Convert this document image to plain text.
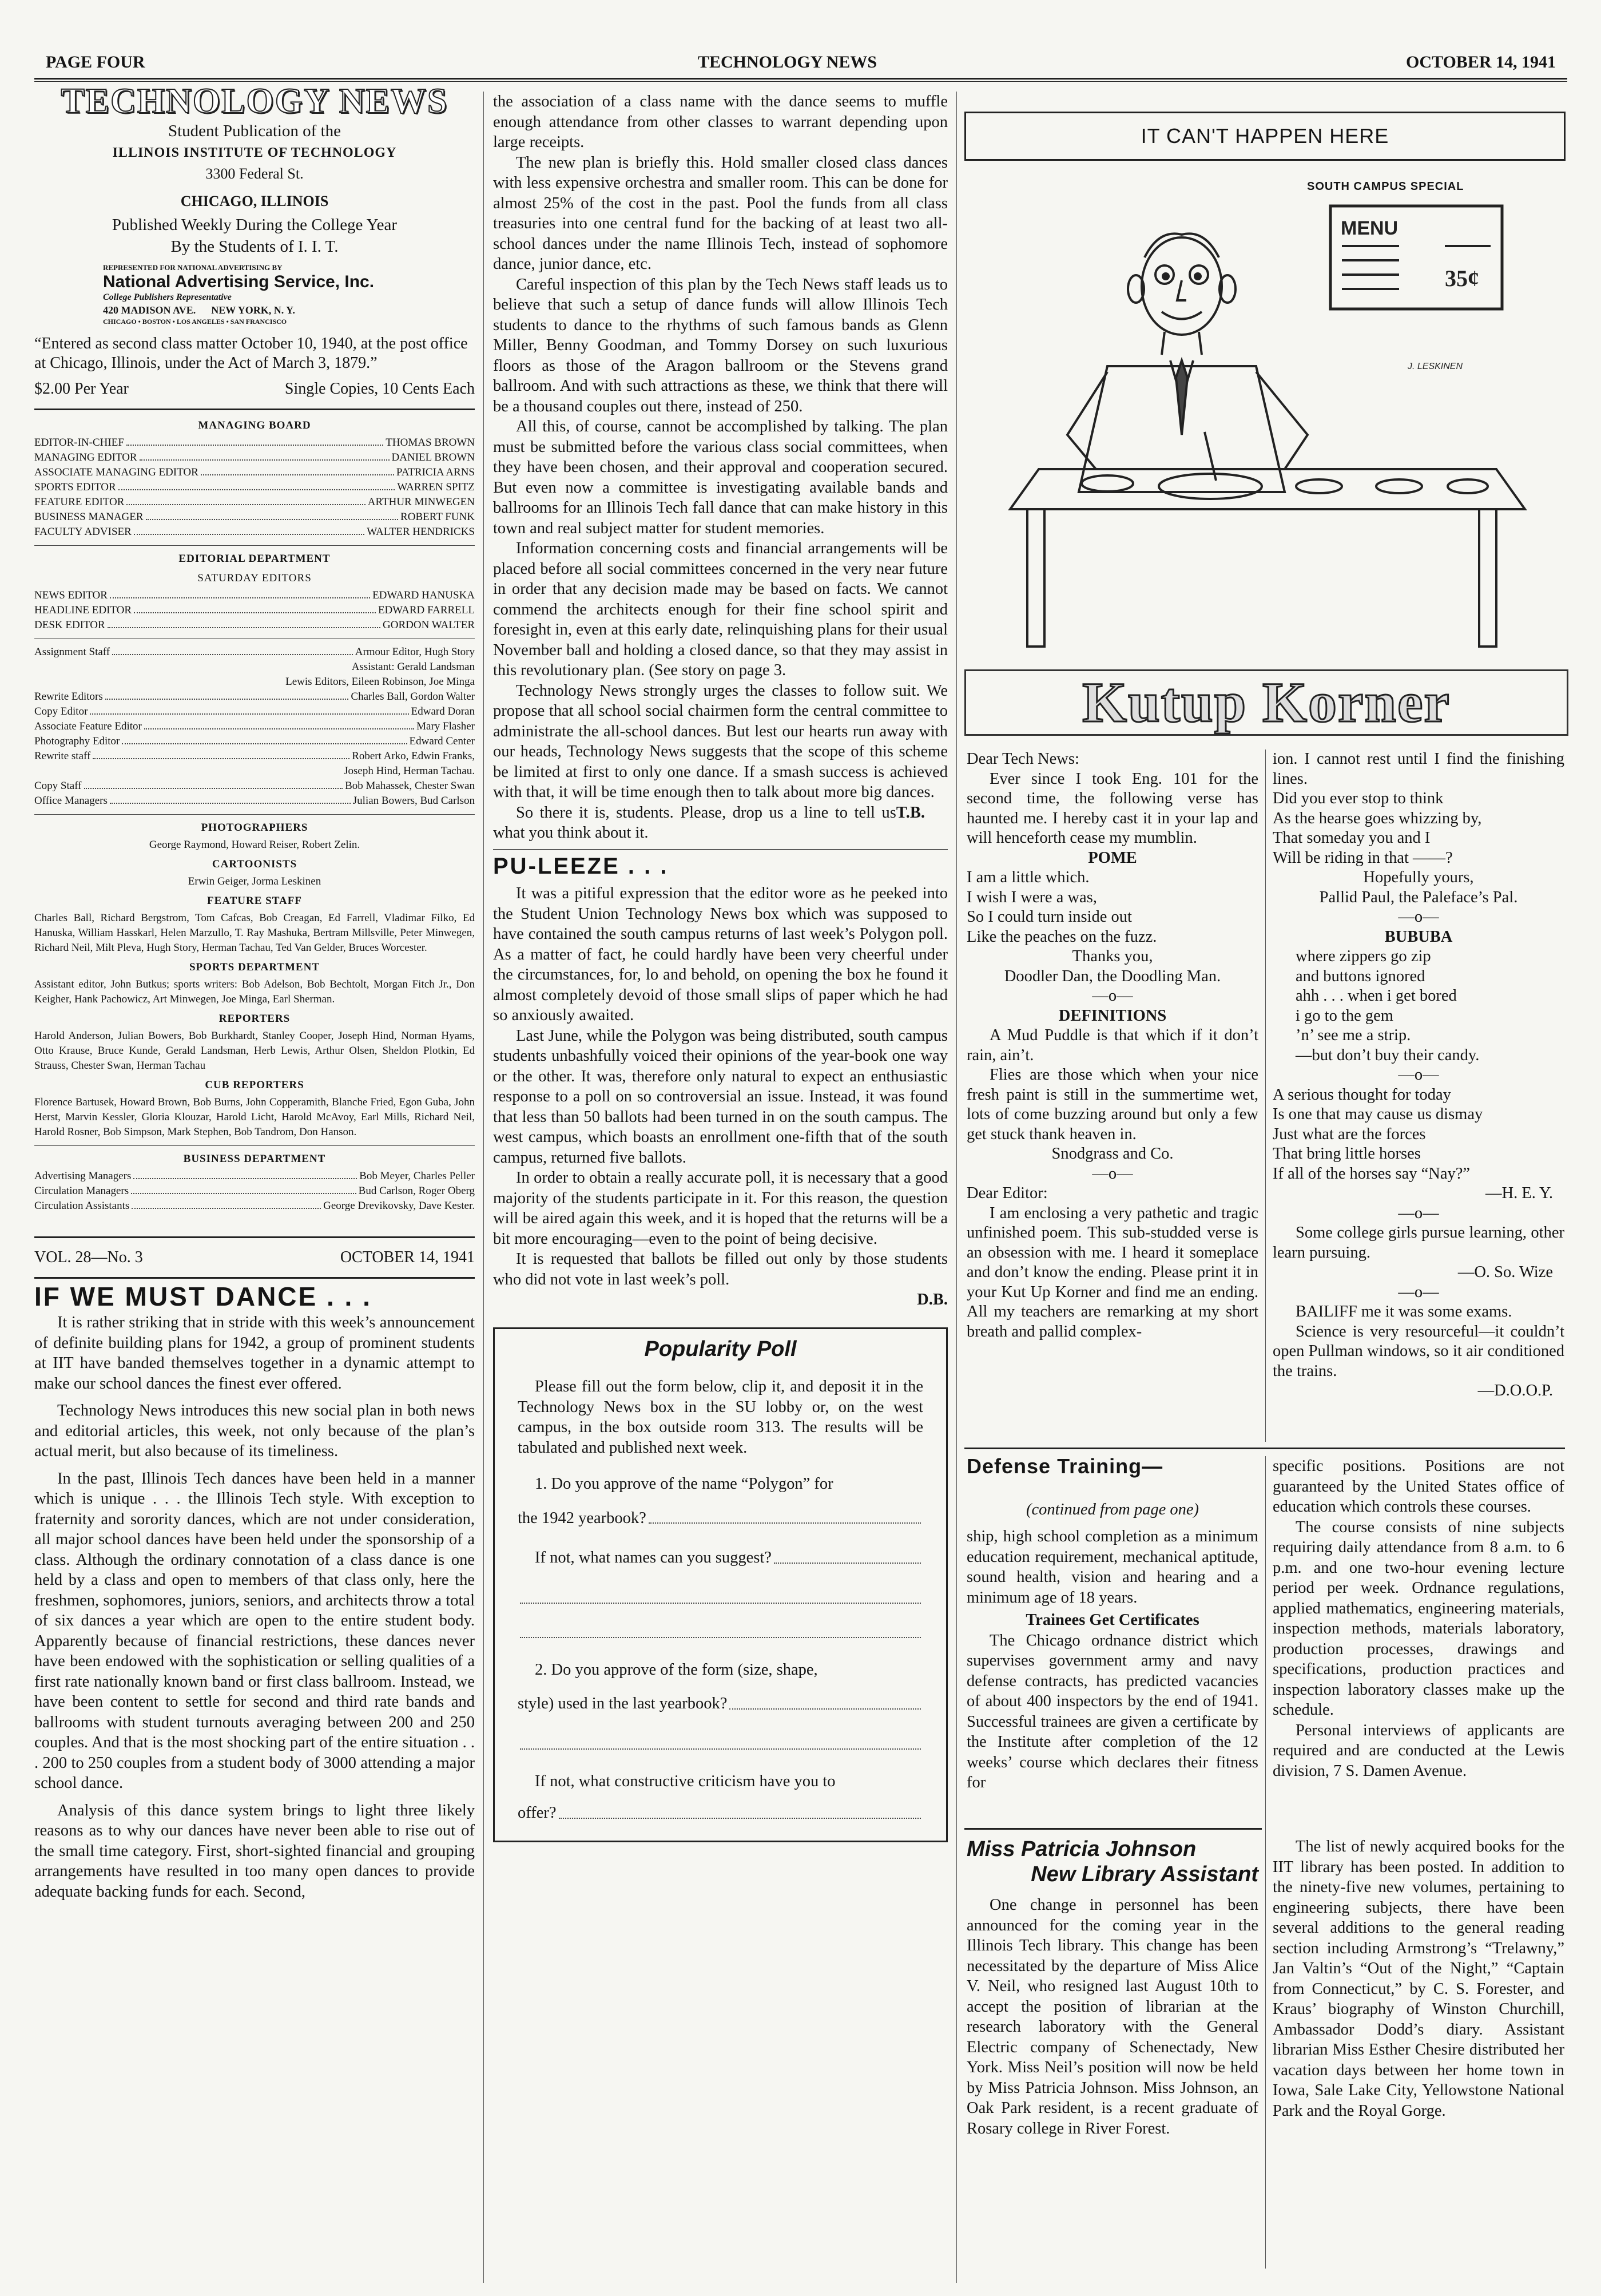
PAGE FOUR	TECHNOLOGY NEWS	OCTOBER 14, 1941
TECHNOLOGY NEWS
Student Publication of the
ILLINOIS INSTITUTE OF TECHNOLOGY
3300 Federal St.
CHICAGO, ILLINOIS
Published Weekly During the College Year
By the Students of I. I. T.
REPRESENTED FOR NATIONAL ADVERTISING BY
National Advertising Service, Inc.
College Publishers Representative
420 MADISON AVE.      NEW YORK, N. Y.
CHICAGO • BOSTON • LOS ANGELES • SAN FRANCISCO

“Entered as second class matter October 10, 1940, at the post office at Chicago, Illinois, under the Act of March 3, 1879.”

$2.00 Per Year	Single Copies, 10 Cents Each
MANAGING BOARD
EDITOR-IN-CHIEF	THOMAS BROWN
MANAGING EDITOR	DANIEL BROWN
ASSOCIATE MANAGING EDITOR	PATRICIA ARNS
SPORTS EDITOR	WARREN SPITZ
FEATURE EDITOR	ARTHUR MINWEGEN
BUSINESS MANAGER	ROBERT FUNK
FACULTY ADVISER	WALTER HENDRICKS
EDITORIAL DEPARTMENT
SATURDAY EDITORS
NEWS EDITOR	EDWARD HANUSKA
HEADLINE EDITOR	EDWARD FARRELL
DESK EDITOR	GORDON WALTER
Assignment Staff	Armour Editor, Hugh Story
Assistant: Gerald Landsman
Lewis Editors, Eileen Robinson, Joe Minga
Rewrite Editors	Charles Ball, Gordon Walter
Copy Editor	Edward Doran
Associate Feature Editor	Mary Flasher
Photography Editor	Edward Center
Rewrite staff	Robert Arko, Edwin Franks,
Joseph Hind, Herman Tachau.
Copy Staff	Bob Mahassek, Chester Swan
Office Managers	Julian Bowers, Bud Carlson
PHOTOGRAPHERS
George Raymond, Howard Reiser, Robert Zelin.
CARTOONISTS
Erwin Geiger, Jorma Leskinen
FEATURE STAFF
Charles Ball, Richard Bergstrom, Tom Cafcas, Bob Creagan, Ed Farrell, Vladimar Filko, Ed Hanuska, William Hasskarl, Helen Marzullo, T. Ray Mashuka, Bertram Millsville, Peter Minwegen, Richard Neil, Milt Pleva, Hugh Story, Herman Tachau, Ted Van Gelder, Bruces Worcester.
SPORTS DEPARTMENT
Assistant editor, John Butkus; sports writers: Bob Adelson, Bob Bechtolt, Morgan Fitch Jr., Don Keigher, Hank Pachowicz, Art Minwegen, Joe Minga, Earl Sherman.
REPORTERS
Harold Anderson, Julian Bowers, Bob Burkhardt, Stanley Cooper, Joseph Hind, Norman Hyams, Otto Krause, Bruce Kunde, Gerald Landsman, Herb Lewis, Arthur Olsen, Sheldon Plotkin, Ed Strauss, Chester Swan, Herman Tachau
CUB REPORTERS
Florence Bartusek, Howard Brown, Bob Burns, John Copperamith, Blanche Fried, Egon Guba, John Herst, Marvin Kessler, Gloria Klouzar, Harold Licht, Harold McAvoy, Earl Mills, Richard Neil, Harold Rosner, Bob Simpson, Mark Stephen, Bob Tandrom, Don Hanson.
BUSINESS DEPARTMENT
Advertising Managers	Bob Meyer, Charles Peller
Circulation Managers	Bud Carlson, Roger Oberg
Circulation Assistants	George Drevikovsky, Dave Kester.
VOL. 28—No. 3	OCTOBER 14, 1941
IF WE MUST DANCE . . .

It is rather striking that in stride with this week’s announcement of definite building plans for 1942, a group of prominent students at IIT have banded themselves together in a dynamic attempt to make our school dances the finest ever offered.

Technology News introduces this new social plan in both news and editorial articles, this week, not only because of the plan’s actual merit, but also because of its timeliness.

In the past, Illinois Tech dances have been held in a manner which is unique . . . the Illinois Tech style. With exception to fraternity and sorority dances, which are not under consideration, all major school dances have been held under the sponsorship of a class. Although the ordinary connotation of a class dance is one held by a class and open to members of that class only, here the freshmen, sophomores, juniors, seniors, and architects throw a total of six dances a year which are open to the entire student body. Apparently because of financial restrictions, these dances never have been endowed with the sophistication or selling qualities of a first rate nationally known band or first class ballroom. Instead, we have been content to settle for second and third rate bands and ballrooms with student turnouts averaging between 200 and 250 couples. And that is the most shocking part of the entire situation . . . 200 to 250 couples from a student body of 3000 attending a major school dance.

Analysis of this dance system brings to light three likely reasons as to why our dances have never been able to rise out of the small time category. First, short-sighted financial and grouping arrangements have resulted in too many open dances to provide adequate backing funds for each. Second,

the association of a class name with the dance seems to muffle enough attendance from other classes to warrant depending upon large receipts.

The new plan is briefly this. Hold smaller closed class dances with less expensive orchestra and smaller room. This can be done for almost 25% of the cost in the past. Pool the funds from all class treasuries into one central fund for the backing of at least two all-school dances under the name Illinois Tech, instead of sophomore dance, junior dance, etc.

Careful inspection of this plan by the Tech News staff leads us to believe that such a setup of dance funds will allow Illinois Tech students to dance to the rhythms of such famous bands as Glenn Miller, Benny Goodman, and Tommy Dorsey on such luxurious floors as those of the Aragon ballroom or the Stevens grand ballroom. And with such attractions as these, we think that there will be a thousand couples out there, instead of 250.

All this, of course, cannot be accomplished by talking. The plan must be submitted before the various class social committees, when they have been chosen, and their approval and cooperation secured. But even now a committee is investigating available bands and ballrooms for an Illinois Tech fall dance that can make history in this town and real subject matter for student memories.

Information concerning costs and financial arrangements will be placed before all social committees concerned in the very near future in order that any decision made may be based on facts. We cannot commend the architects enough for their fine school spirit and foresight in, even at this early date, relinquishing plans for their usual November ball and holding a closed dance, so that they may assist in this revolutionary plan. (See story on page 3.

Technology News strongly urges the classes to follow suit. We propose that all school social chairmen form the central committee to administrate the all-school dances. But lest our hearts run away with our heads, Technology News suggests that the scope of this scheme be limited at first to only one dance. If a smash success is achieved with that, it will be time enough then to talk about more big dances.

So there it is, students. Please, drop us a line to tell us what you think about it.

T.B.
PU-LEEZE . . .

It was a pitiful expression that the editor wore as he peeked into the Student Union Technology News box which was supposed to have contained the south campus returns of last week’s Polygon poll. As a matter of fact, he could hardly have been very cheerful under the circumstances, for, lo and behold, on opening the box he found it almost completely devoid of those small slips of paper which he had so anxiously awaited.

Last June, while the Polygon was being distributed, south campus students unbashfully voiced their opinions of the year-book one way or the other. It was, therefore only natural to expect an enthusiastic response to a poll on so controversial an issue. Instead, it was found that less than 50 ballots had been turned in on the south campus. The west campus, which boasts an enrollment one-fifth that of the south campus, returned five ballots.

In order to obtain a really accurate poll, it is necessary that a good majority of the students participate in it. For this reason, the question will be aired again this week, and it is hoped that the returns will be a bit more encouraging—even to the point of being decisive.

It is requested that ballots be filled out only by those students who did not vote in last week’s poll.

D.B.
Popularity Poll

Please fill out the form below, clip it, and deposit it in the Technology News box in the SU lobby or, on the west campus, in the box outside room 313. The results will be tabulated and published next week.

1. Do you approve of the name “Polygon” for
the 1942 yearbook?
If not, what names can you suggest?
2. Do you approve of the form (size, shape,
style) used in the last yearbook?
If not, what constructive criticism have you to
offer?
IT CAN'T HAPPEN HERE
SOUTH CAMPUS SPECIAL
MENU
35¢
J. LESKINEN
Kutup Korner

Dear Tech News:

Ever since I took Eng. 101 for the second time, the following verse has haunted me. I hereby cast it in your lap and will henceforth cease my mumblin.

POME
I am a little which.
I wish I were a was,
So I could turn inside out
Like the peaches on the fuzz.
Thanks you,
Doodler Dan, the Doodling Man.
—o—
DEFINITIONS

A Mud Puddle is that which if it don’t rain, ain’t.

Flies are those which when your nice fresh paint is still in the summertime wet, lots of come buzzing around but only a few get stuck thank heaven in.

Snodgrass and Co.
—o—

Dear Editor:

I am enclosing a very pathetic and tragic unfinished poem. This sub-studded verse is an obsession with me. I heard it someplace and don’t know the ending. Please print it in your Kut Up Korner and find me an ending. All my teachers are remarking at my short breath and pallid complex-

ion. I cannot rest until I find the finishing lines.

Did you ever stop to think
As the hearse goes whizzing by,
That someday you and I
Will be riding in that ——?
Hopefully yours,
Pallid Paul, the Paleface’s Pal.
—o—
BUBUBA
where zippers go zip
and buttons ignored
ahh . . . when i get bored
i go to the gem
’n’ see me a strip.
—but don’t buy their candy.
—o—
A serious thought for today
Is one that may cause us dismay
Just what are the forces
That bring little horses
If all of the horses say “Nay?”
—H. E. Y.
—o—

Some college girls pursue learning, other learn pursuing.

—O. So. Wize
—o—

BAILIFF me it was some exams.

Science is very resourceful—it couldn’t open Pullman windows, so it air conditioned the trains.

—D.O.O.P.
Defense Training—
(continued from page one)

ship, high school completion as a minimum education requirement, mechanical aptitude, sound health, vision and hearing and a minimum age of 18 years.

Trainees Get Certificates

The Chicago ordnance district which supervises government army and navy defense contracts, has predicted vacancies of about 400 inspectors by the end of 1941. Successful trainees are given a certificate by the Institute after completion of the 12 weeks’ course which declares their fitness for

specific positions. Positions are not guaranteed by the United States office of education which controls these courses.

The course consists of nine subjects requiring daily attendance from 8 a.m. to 6 p.m. and one two-hour evening lecture period per week. Ordnance regulations, applied mathematics, engineering materials, inspection methods, materials laboratory, production processes, drawings and specifications, production practices and inspection laboratory classes make up the schedule.

Personal interviews of applicants are required and are conducted at the Lewis division, 7 S. Damen Avenue.

Miss Patricia Johnson
New Library Assistant

One change in personnel has been announced for the coming year in the Illinois Tech library. This change has been necessitated by the departure of Miss Alice V. Neil, who resigned last August 10th to accept the position of librarian at the research laboratory with the General Electric company of Schenectady, New York. Miss Neil’s position will now be held by Miss Patricia Johnson. Miss Johnson, an Oak Park resident, is a recent graduate of Rosary college in River Forest.

The list of newly acquired books for the IIT library has been posted. In addition to the ninety-five new volumes, pertaining to engineering subjects, there have been several additions to the general reading section including Armstrong’s “Trelawny,” Jan Valtin’s “Out of the Night,” “Captain from Connecticut,” by C. S. Forester, and Kraus’ biography of Winston Churchill, Ambassador Dodd’s diary. Assistant librarian Miss Esther Chesire distributed her vacation days between her home town in Iowa, Sale Lake City, Yellowstone National Park and the Royal Gorge.
